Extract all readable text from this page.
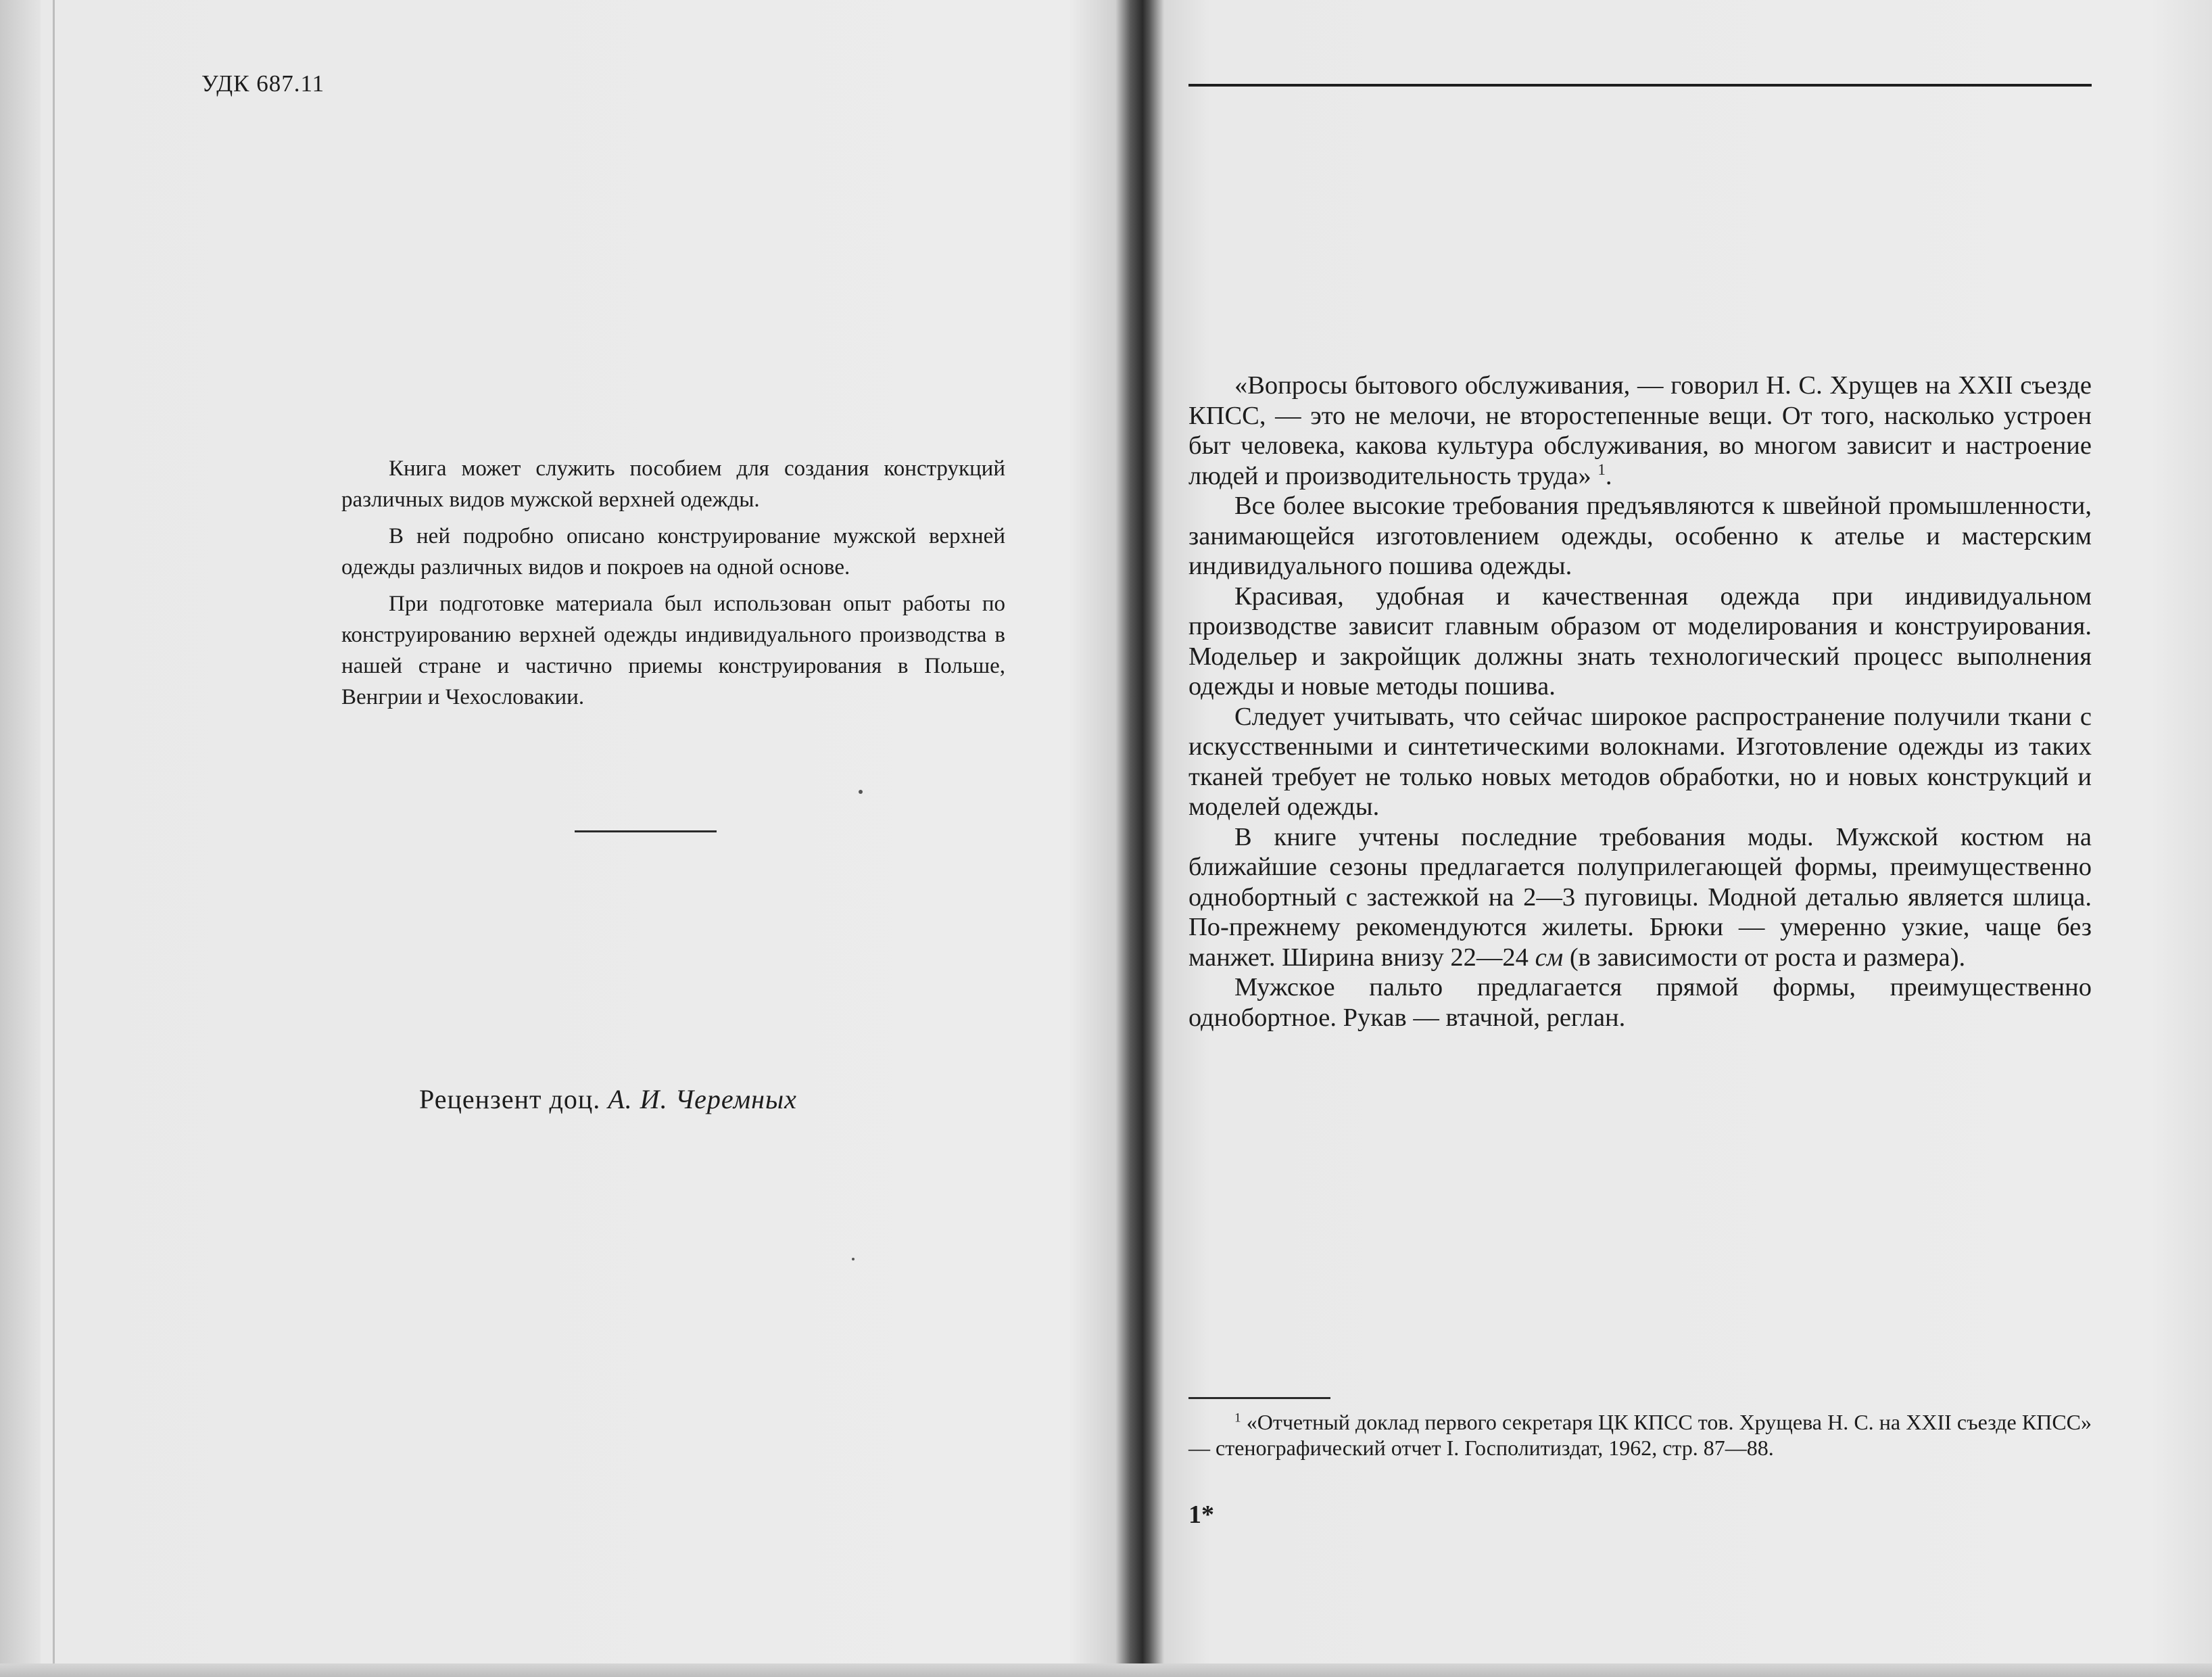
УДК 687.11

Книга может служить пособием для создания конструкций различных видов мужской верхней одежды.

В ней подробно описано конструирование мужской верхней одежды различных видов и покроев на одной основе.

При подготовке материала был использован опыт работы по конструированию верхней одежды индивидуального производства в нашей стране и частично приемы конструирования в Польше, Венгрии и Чехословакии.

Рецензент доц. А. И. Черемных

«Вопросы бытового обслуживания, — говорил Н. С. Хрущев на XXII съезде КПСС, — это не мелочи, не второстепенные вещи. От того, насколько устроен быт человека, какова культура обслуживания, во многом зависит и настроение людей и производительность труда» $^1$.

Все более высокие требования предъявляются к швейной промышленности, занимающейся изготовлением одежды, особенно к ателье и мастерским индивидуального пошива одежды.

Красивая, удобная и качественная одежда при индивидуальном производстве зависит главным образом от моделирования и конструирования. Модельер и закройщик должны знать технологический процесс выполнения одежды и новые методы пошива.

Следует учитывать, что сейчас широкое распространение получили ткани с искусственными и синтетическими волокнами. Изготовление одежды из таких тканей требует не только новых методов обработки, но и новых конструкций и моделей одежды.

В книге учтены последние требования моды. Мужской костюм на ближайшие сезоны предлагается полуприлегающей формы, преимущественно однобортный с застежкой на 2—3 пуговицы. Модной деталью является шлица. По-прежнему рекомендуются жилеты. Брюки — умеренно узкие, чаще без манжет. Ширина внизу 22—24 см (в зависимости от роста и размера).

Мужское пальто предлагается прямой формы, преимущественно однобортное. Рукав — втачной, реглан.

$^1$ «Отчетный доклад первого секретаря ЦК КПСС тов. Хрущева Н. С. на XXII съезде КПСС» — стенографический отчет I. Госполитиздат, 1962, стр. 87—88.

1*
